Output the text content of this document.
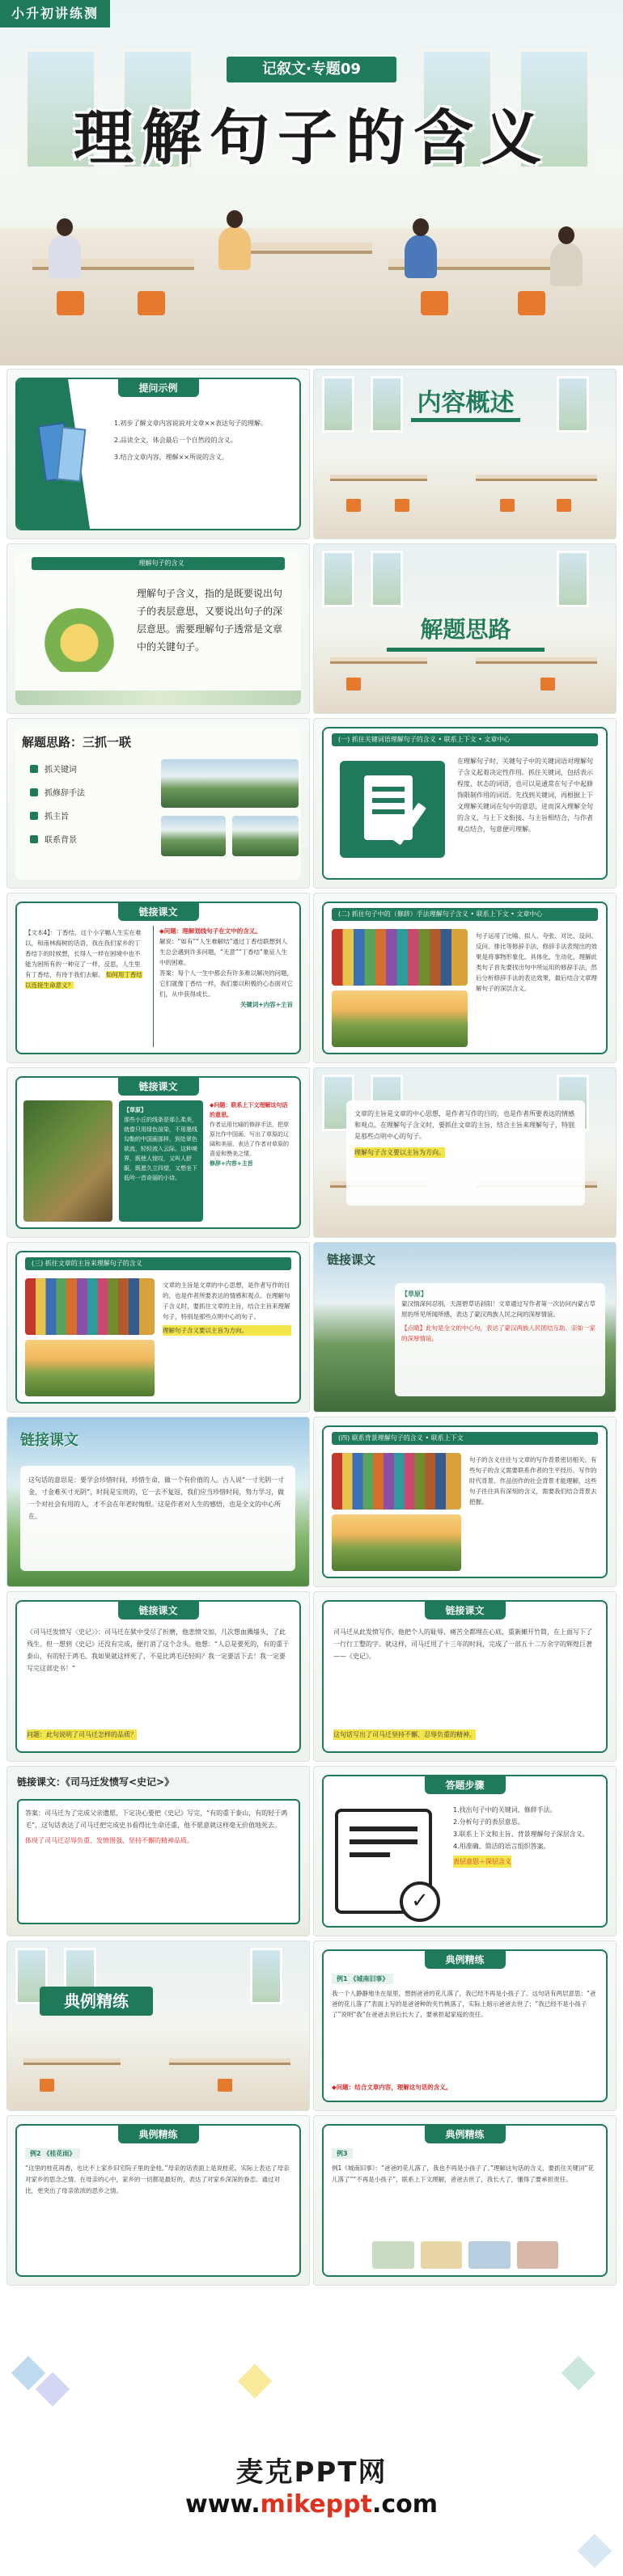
小升初讲练测
记叙文·专题09
理解句子的含义
提问示例

1.初步了解文章内容说说对文章××表达句子的理解。

2.品读全文，体会最后一个自然段的含义。

3.结合文章内容，理解××所说的含义。

内容概述
理解句子的含义
理解句子含义，指的是既要说出句子的表层意思，又要说出句子的深层意思。需要理解句子透常是文章中的关键句子。
解题思路
解题思路：三抓一联
抓关键词
抓修辞手法
抓主旨
联系背景
(一) 抓住关键词语理解句子的含义 • 联系上下文 • 文章中心
在理解句子时，关键句子中的关键词语对理解句子含义起着决定性作用。抓住关键词，包括表示程度、状态的词语，也可以是通常在句子中起修饰限制作用的词语。先找到关键词，再根据上下文理解关键词在句中的意思，进而深入理解全句的含义，与上下文衔接、与主旨相结合，与作者观点结合，句意便可理解。
链接课文
【文本4】：丁香结，这个小字幅人生实在难以，和南林海树的话语，我在我们家乡的丁香结下的时候想，长得人一样在困境中也不能为困所有的一种完了一样，反思，人生里有丁香结，有待于我们去解。 如何用丁香结以连接生命意义？

◆问题：理解划线句子在文中的含义。

解说：“如有”“人生难解结”通过丁香结联想到人生总会遇到许多问题，“无意”“丁香结”象征人生中的困难。

答案：每个人一生中都会有许多难以解决的问题，它们就像丁香结一样，我们要以积极的心态面对它们，从中获得成长。

关键词+内容+主旨

(二) 抓住句子中的（修辞）手法理解句子含义 • 联系上下文 • 文章中心
句子运用了比喻、拟人、夸张、对比、设问、反问、排比等修辞手法，修辞手法表现出的效果是将事物形象化、具体化、生动化，理解此类句子首先要找出句中所运用的修辞手法，然后分析修辞手法的表达效果，最后结合文章理解句子的深层含义。
链接课文

【草原】

那些小丘的线条是那么柔美，就像只用绿色渲染，不用墨线勾勒的中国画那样，到处翠色欲流，轻轻流入云际。这种境界，既使人惊叹，又叫人舒服，既愿久立四望，又想坐下低吟一首奇丽的小诗。

◆问题：联系上下文理解这句话的意思。

作者运用比喻的修辞手法，把草原比作中国画，写出了草原的辽阔和美丽，表达了作者对草原的喜爱和赞美之情。

修辞+内容+主旨

文章的主旨是文章的中心思想，是作者写作的目的，也是作者所要表达的情感和观点。在理解句子含义时，要抓住文章的主旨，结合主旨来理解句子，特别是那些点明中心的句子。
理解句子含义要以主旨为方向。
(三) 抓住文章的主旨来理解句子的含义
文章的主旨是文章的中心思想，是作者写作的目的，也是作者所要表达的情感和观点。在理解句子含义时，要抓住文章的主旨，结合主旨来理解句子，特别是那些点明中心的句子。
理解句子含义要以主旨为方向。
链接课文

【草原】

蒙汉情深何忍别，天涯碧草话斜阳！文章通过写作者第一次访问内蒙古草原的所见所闻所感，表达了蒙汉两族人民之间的深厚情谊。

【点睛】此句是全文的中心句，表达了蒙汉两族人民团结互助、亲如一家的深厚情谊。

链接课文
这句话的意思是：要学会珍惜时间，珍惜生命，做一个有价值的人。古人说“一寸光阴一寸金，寸金难买寸光阴”，时间是宝贵的，它一去不复返，我们应当珍惜时间，努力学习，做一个对社会有用的人，才不会在年老时悔恨。这是作者对人生的感悟，也是全文的中心所在。
(四) 联系背景理解句子的含义 • 联系上下文
句子的含义往往与文章的写作背景密切相关。有些句子的含义需要联系作者的生平经历、写作的时代背景、作品创作的社会背景才能理解，这些句子往往具有深刻的含义，需要我们结合背景去把握。
链接课文
《司马迁发愤写〈史记〉》：司马迁在狱中受尽了折磨，他悲愤交加，几次想血溅墙头，了此残生。但一想到《史记》还没有完成，便打消了这个念头。他想：“人总是要死的，有的重于泰山，有的轻于鸿毛。我如果就这样死了，不是比鸿毛还轻吗？我一定要活下去！我一定要写完这部史书！”
问题：此句说明了司马迁怎样的品质？
链接课文
司马迁从此发愤写作，他把个人的耻辱、痛苦全都埋在心底，重新摊开竹简，在上面写下了一行行工整的字。就这样，司马迁用了十三年的时间，完成了一部五十二万余字的辉煌巨著——《史记》。
这句话写出了司马迁坚持不懈、忍辱负重的精神。
链接课文：《司马迁发愤写<史记>》
答案：司马迁为了完成父亲遗愿，下定决心要把《史记》写完，“有的重于泰山，有的轻于鸿毛”，这句话表达了司马迁把完成史书看得比生命还重，他不愿意就这样毫无价值地死去。
体现了司马迁忍辱负重、发愤图强、坚持不懈的精神品质。
答题步骤
✓

1.找出句子中的关键词、修辞手法。

2.分析句子的表层意思。

3.联系上下文和主旨、背景理解句子深层含义。

4.用准确、简洁的语言组织答案。

表层意思＋深层含义

典例精练
典例精练
例1 《城南旧事》
我一个人静静地坐在屋里，想到爸爸的花儿落了，我已经不再是小孩子了。这句话有两层意思：“爸爸的花儿落了”表面上写的是爸爸种的夹竹桃落了，实际上暗示爸爸去世了；“我已经不是小孩子了”说明“我”在爸爸去世后长大了，要承担起家庭的责任。
◆问题：结合文章内容，理解这句话的含义。
典例精练
例2 《桂花雨》
“这里的桂花再香，也比不上家乡旧宅院子里的金桂。”母亲的话表面上是说桂花，实际上表达了母亲对家乡的思念之情。在母亲的心中，家乡的一切都是最好的，表达了对家乡深深的眷恋。通过对比，更突出了母亲浓浓的思乡之情。
典例精练
例3
例1《城南旧事》：“爸爸的花儿落了，我也不再是小孩子了。”理解这句话的含义，要抓住关键词“花儿落了”“不再是小孩子”，联系上下文理解，爸爸去世了，我长大了，懂得了要承担责任。
麦克PPT网
www.mikeppt.com
